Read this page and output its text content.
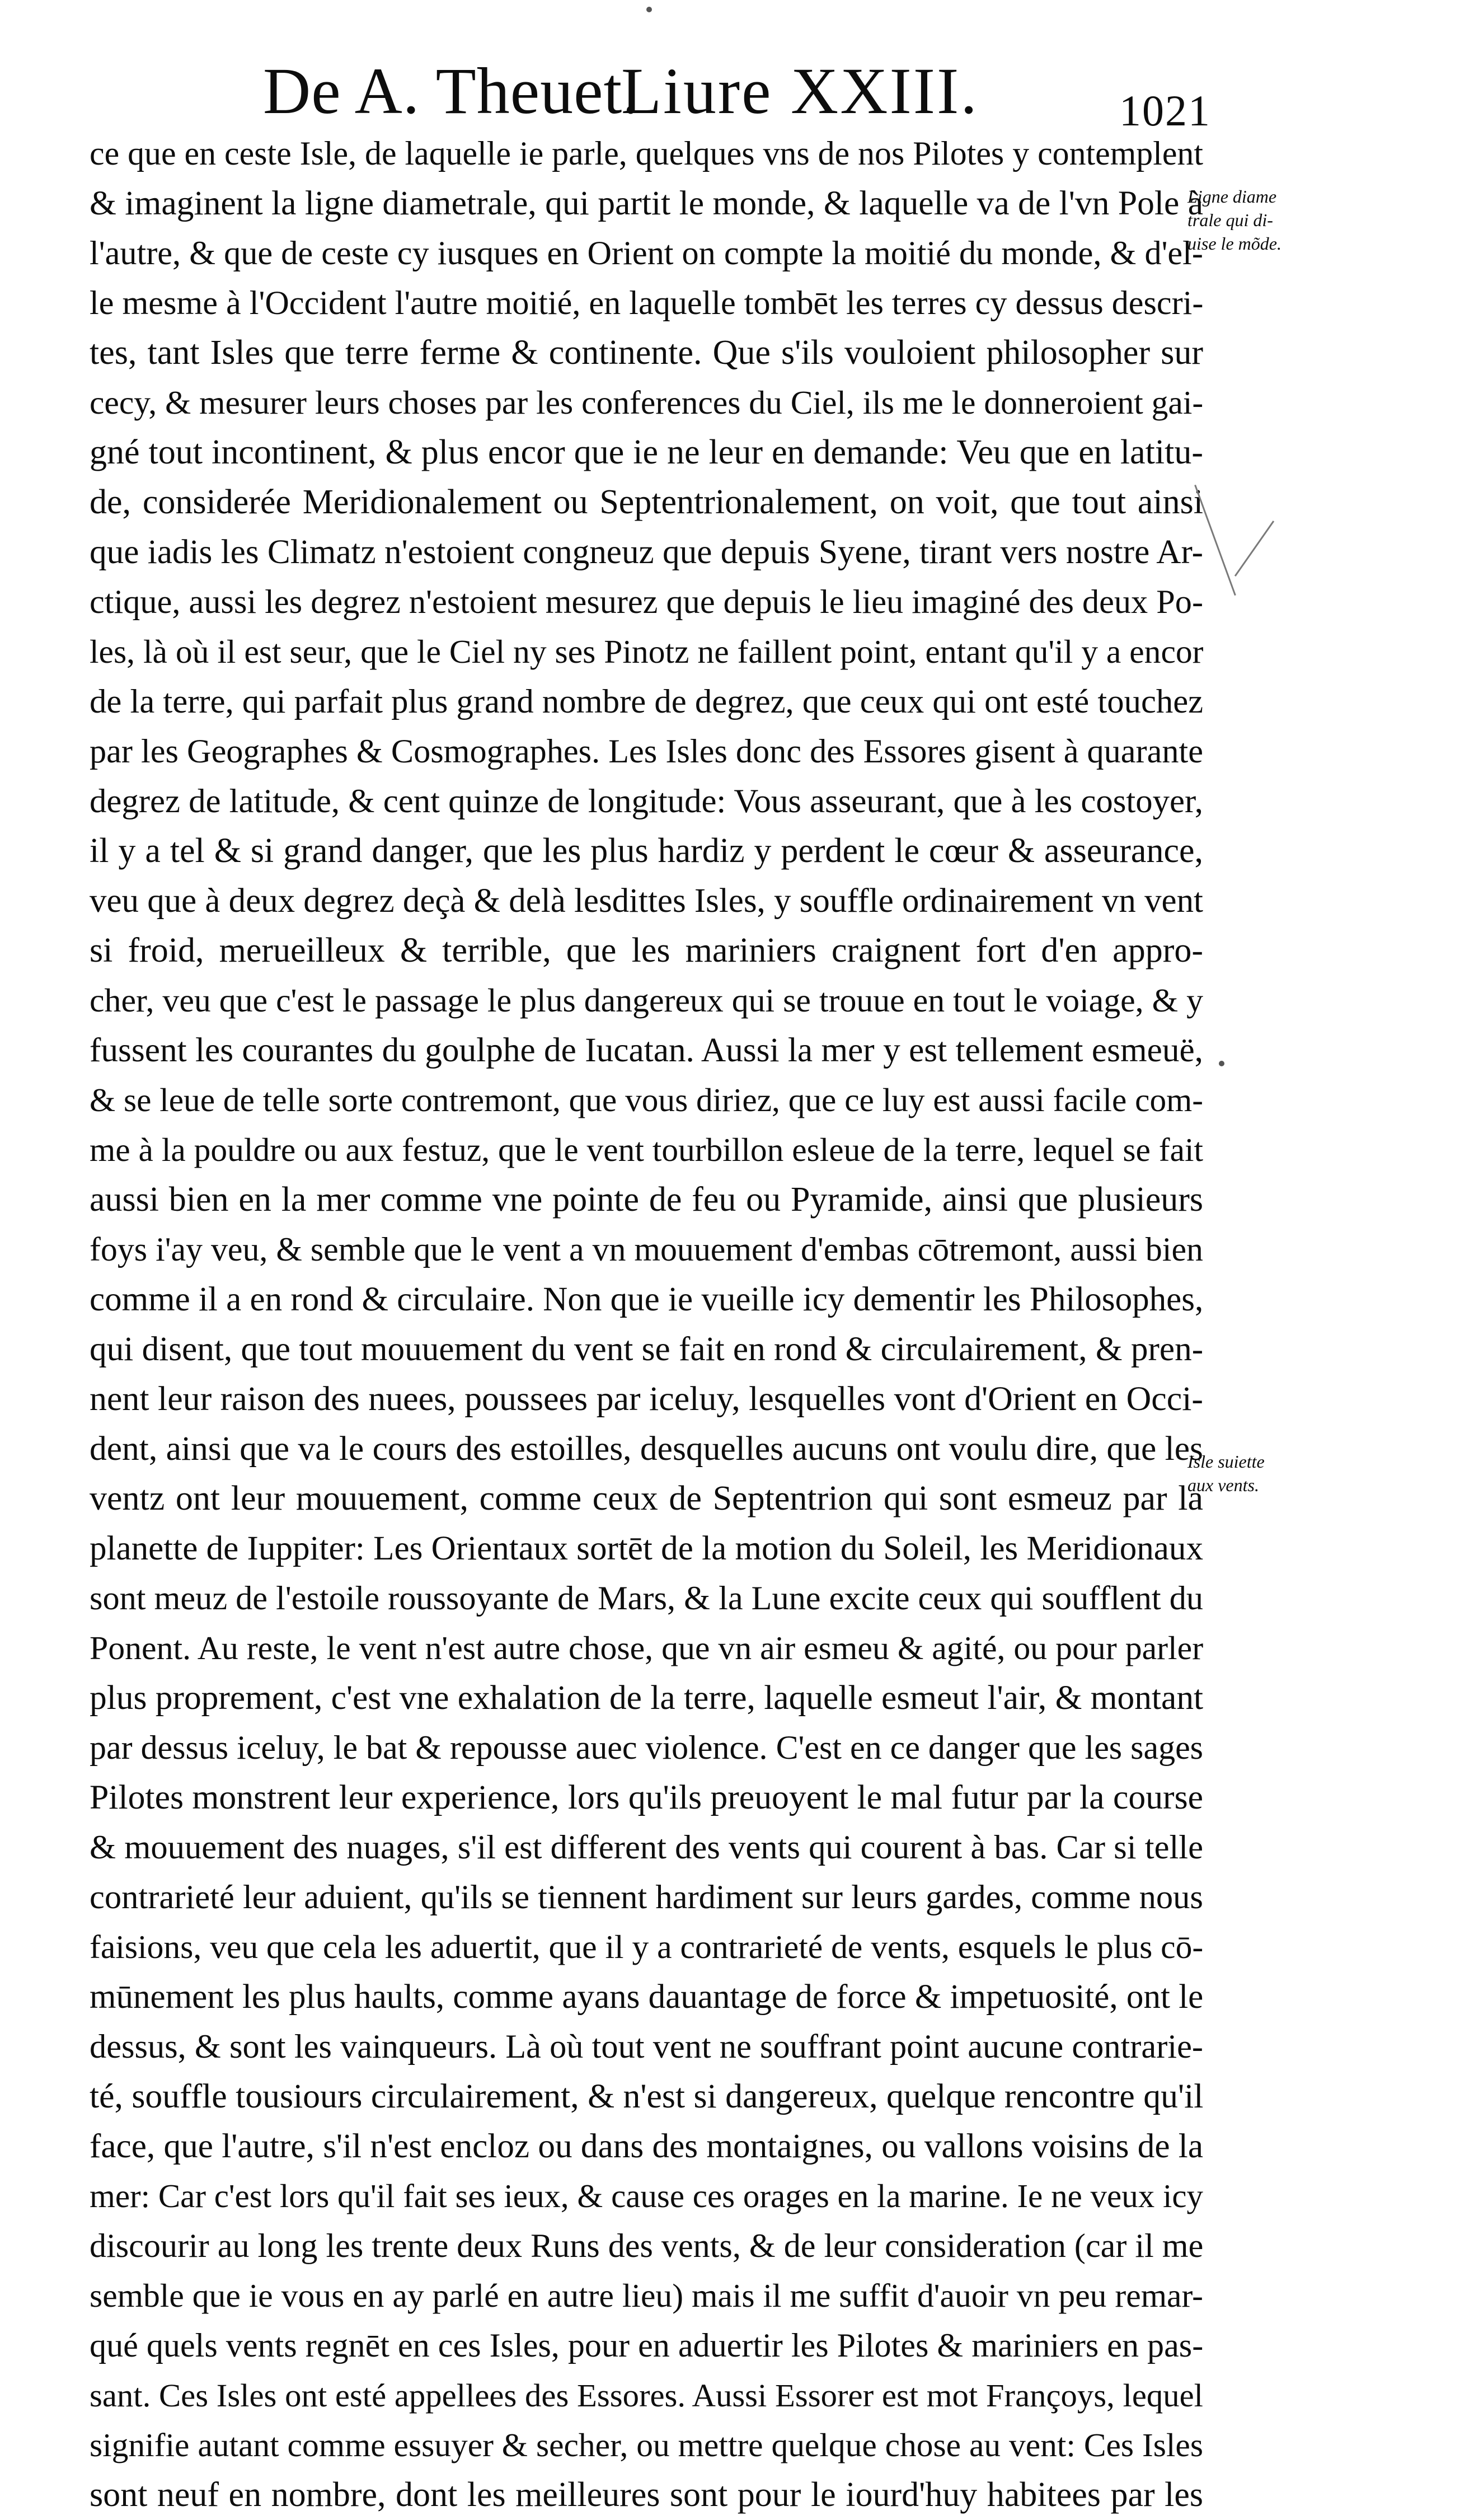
De A. Theuet.
Liure XXIII.	1021
ce que en ceste Isle, de laquelle ie parle, quelques vns de nos Pilotes y contemplent
& imaginent la ligne diametrale, qui partit le monde, & laquelle va de l'vn Pole à
l'autre, & que de ceste cy iusques en Orient on compte la moitié du monde, & d'el-
le mesme à l'Occident l'autre moitié, en laquelle tombēt les terres cy dessus descri-
tes, tant Isles que terre ferme & continente. Que s'ils vouloient philosopher sur
cecy, & mesurer leurs choses par les conferences du Ciel, ils me le donneroient gai-
gné tout incontinent, & plus encor que ie ne leur en demande: Veu que en latitu-
de, considerée Meridionalement ou Septentrionalement, on voit, que tout ainsi
que iadis les Climatz n'estoient congneuz que depuis Syene, tirant vers nostre Ar-
ctique, aussi les degrez n'estoient mesurez que depuis le lieu imaginé des deux Po-
les, là où il est seur, que le Ciel ny ses Pinotz ne faillent point, entant qu'il y a encor
de la terre, qui parfait plus grand nombre de degrez, que ceux qui ont esté touchez
par les Geographes & Cosmographes. Les Isles donc des Essores gisent à quarante
degrez de latitude, & cent quinze de longitude: Vous asseurant, que à les costoyer,
il y a tel & si grand danger, que les plus hardiz y perdent le cœur & asseurance,
veu que à deux degrez deçà & delà lesdittes Isles, y souffle ordinairement vn vent
si froid, merueilleux & terrible, que les mariniers craignent fort d'en appro-
cher, veu que c'est le passage le plus dangereux qui se trouue en tout le voiage, & y
fussent les courantes du goulphe de Iucatan. Aussi la mer y est tellement esmeuë,
& se leue de telle sorte contremont, que vous diriez, que ce luy est aussi facile com-
me à la pouldre ou aux festuz, que le vent tourbillon esleue de la terre, lequel se fait
aussi bien en la mer comme vne pointe de feu ou Pyramide, ainsi que plusieurs
foys i'ay veu, & semble que le vent a vn mouuement d'embas cōtremont, aussi bien
comme il a en rond & circulaire. Non que ie vueille icy dementir les Philosophes,
qui disent, que tout mouuement du vent se fait en rond & circulairement, & pren-
nent leur raison des nuees, poussees par iceluy, lesquelles vont d'Orient en Occi-
dent, ainsi que va le cours des estoilles, desquelles aucuns ont voulu dire, que les
ventz ont leur mouuement, comme ceux de Septentrion qui sont esmeuz par la
planette de Iuppiter: Les Orientaux sortēt de la motion du Soleil, les Meridionaux
sont meuz de l'estoile roussoyante de Mars, & la Lune excite ceux qui soufflent du
Ponent. Au reste, le vent n'est autre chose, que vn air esmeu & agité, ou pour parler
plus proprement, c'est vne exhalation de la terre, laquelle esmeut l'air, & montant
par dessus iceluy, le bat & repousse auec violence. C'est en ce danger que les sages
Pilotes monstrent leur experience, lors qu'ils preuoyent le mal futur par la course
& mouuement des nuages, s'il est different des vents qui courent à bas. Car si telle
contrarieté leur aduient, qu'ils se tiennent hardiment sur leurs gardes, comme nous
faisions, veu que cela les aduertit, que il y a contrarieté de vents, esquels le plus cō-
mūnement les plus haults, comme ayans dauantage de force & impetuosité, ont le
dessus, & sont les vainqueurs. Là où tout vent ne souffrant point aucune contrarie-
té, souffle tousiours circulairement, & n'est si dangereux, quelque rencontre qu'il
face, que l'autre, s'il n'est encloz ou dans des montaignes, ou vallons voisins de la
mer: Car c'est lors qu'il fait ses ieux, & cause ces orages en la marine. Ie ne veux icy
discourir au long les trente deux Runs des vents, & de leur consideration (car il me
semble que ie vous en ay parlé en autre lieu) mais il me suffit d'auoir vn peu remar-
qué quels vents regnēt en ces Isles, pour en aduertir les Pilotes & mariniers en pas-
sant. Ces Isles ont esté appellees des Essores. Aussi Essorer est mot Françoys, lequel
signifie autant comme essuyer & secher, ou mettre quelque chose au vent: Ces Isles
sont neuf en nombre, dont les meilleures sont pour le iourd'huy habitees par les
Ligne diame
trale qui di-
uise le mõde.
Isle suiette
aux vents.
